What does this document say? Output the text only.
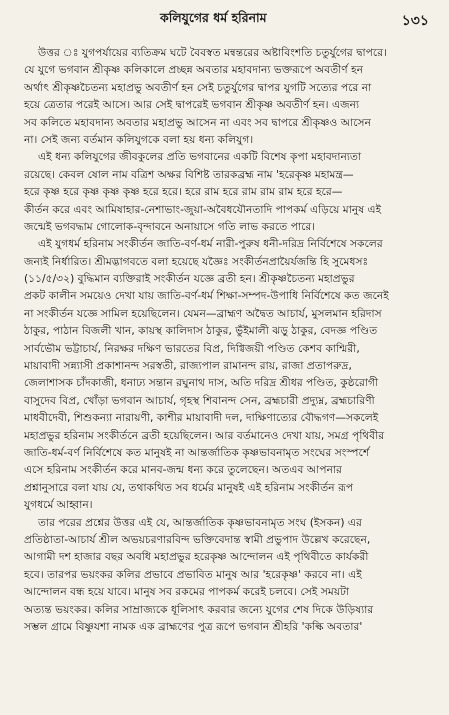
কলিযুগের ধর্ম হরিনাম	১৩১
উত্তর ঃ যুগপর্যায়ের ব্যতিক্রম ঘটে বৈবস্বত মন্বন্তরের অষ্টাবিংশতি চতুর্যুগের দ্বাপরে।
যে যুগে ভগবান শ্রীকৃষ্ণ কলিকালে প্রচ্ছন্ন অবতার মহাবদান্য ভক্তরূপে অবতীর্ণ হন
অর্থাৎ শ্রীকৃষ্ণচৈতন্য মহাপ্রভু অবতীর্ণ হন সেই চতুর্যুগের দ্বাপর যুগটি সত্যের পরে না
হয়ে ত্রেতার পরেই আসে। আর সেই দ্বাপরেই ভগবান শ্রীকৃষ্ণ অবতীর্ণ হন। এজন্য
সব কলিতে মহাবদান্য অবতার মহাপ্রভু আসেন না এবং সব দ্বাপরে শ্রীকৃষ্ণও আসেন
না। সেই জন্য বর্তমান কলিযুগকে বলা হয় ধন্য কলিযুগ।
এই ধন্য কলিযুগের জীবকুলের প্রতি ভগবানের একটি বিশেষ কৃপা মহাবদান্যতা
রয়েছে। কেবল ষোল নাম বত্রিশ অক্ষর বিশিষ্ট তারকব্রহ্ম নাম 'হরেকৃষ্ণ মহামন্ত্র—
হরে কৃষ্ণ হরে কৃষ্ণ কৃষ্ণ কৃষ্ণ হরে হরে। হরে রাম হরে রাম রাম রাম হরে হরে—
কীর্তন করে এবং আমিষাহার-নেশাভাং-জুয়া-অবৈধযৌনতাদি পাপকর্ম এড়িয়ে মানুষ এই
জন্মেই ভগবদ্ধাম গোলোক-বৃন্দাবনে অনায়াসে গতি লাভ করতে পারে।
এই যুগধর্ম হরিনাম সংকীর্তন জাতি-বর্ণ-ধর্ম নারী-পুরুষ ধনী-দরিদ্র নির্বিশেষে সকলের
জন্যই নির্ধারিত। শ্রীমদ্ভাগবতে বলা হয়েছে যজ্ঞৈঃ সংকীর্তনপ্রায়ৈর্যজন্তি হি সুমেধসঃ
(১১/৫/৩২) বুদ্ধিমান ব্যক্তিরাই সংকীর্তন যজ্ঞে ব্রতী হন। শ্রীকৃষ্ণচৈতন্য মহাপ্রভুর
প্রকট কালীন সময়েও দেখা যায় জাতি-বর্ণ-ধর্ম শিক্ষা-সম্পদ-উপাধি নির্বিশেষে কত জনেই
না সংকীর্তন যজ্ঞে সামিল হয়েছিলেন। যেমন—ব্রাহ্মণ অদ্বৈত আচার্য, মুসলমান হরিদাস
ঠাকুর, পাঠান বিজলী খান, কায়স্থ কালিদাস ঠাকুর, ভুঁইমালী ঝড়ু ঠাকুর, বেদজ্ঞ পণ্ডিত
সার্বভৌম ভট্টাচার্য, নিরক্ষর দক্ষিণ ভারতের বিপ্র, দিগ্বিজয়ী পণ্ডিত কেশব কাশ্মিরী,
মায়াবাদী সন্ন্যাসী প্রকাশানন্দ সরস্বতী, রাজ্যপাল রামানন্দ রায়, রাজা প্রতাপরুদ্র,
জেলাশাসক চাঁদকাজী, ধনাঢ্য সন্তান রঘুনাথ দাস, অতি দরিদ্র শ্রীধর পণ্ডিত, কুষ্ঠরোগী
বাসুদেব বিপ্র, খোঁড়া ভগবান আচার্য, গৃহস্থ শিবানন্দ সেন, ব্রহ্মচারী প্রদ্যুম্ন, ব্রহ্মচারিণী
মাধবীদেবী, শিশুকন্যা নারায়ণী, কাশীর মায়াবাদী দল, দাক্ষিণাত্যের বৌদ্ধগণ—সকলেই
মহাপ্রভুর হরিনাম সংকীর্তনে ব্রতী হয়েছিলেন। আর বর্তমানেও দেখা যায়, সমগ্র পৃথিবীর
জাতি-ধর্ম-বর্ণ নির্বিশেষে কত মানুষই না আন্তর্জাতিক কৃষ্ণভাবনামৃত সংঘের সংস্পর্শে
এসে হরিনাম সংকীর্তন করে মানব-জন্ম ধন্য করে তুলেছেন। অতএব আপনার
প্রশ্নানুসারে বলা যায় যে, তথাকথিত সব ধর্মের মানুষই এই হরিনাম সংকীর্তন রূপ
যুগধর্মে আহ্বান।
তার পরের প্রশ্নের উত্তর এই যে, আন্তর্জাতিক কৃষ্ণভাবনামৃত সংঘ (ইসকন) এর
প্রতিষ্ঠাতা-আচার্য শ্রীল অভয়চরণারবিন্দ ভক্তিবেদান্ত স্বামী প্রভুপাদ উল্লেখ করেছেন,
আগামী দশ হাজার বছর অবধি মহাপ্রভুর হরেকৃষ্ণ আন্দোলন এই পৃথিবীতে কার্যকরী
হবে। তারপর ভয়ংকর কলির প্রভাবে প্রভাবিত মানুষ আর 'হরেকৃষ্ণ' করবে না। এই
আন্দোলন বন্ধ হয়ে যাবে। মানুষ সব রকমের পাপকর্ম করেই চলবে। সেই সময়টা
অত্যন্ত ভয়ংকর। কলির সাম্রাজ্যকে ধূলিসাৎ করবার জন্যে যুগের শেষ দিকে উড়িষ্যার
সম্ভল গ্রামে বিষ্ণুযশা নামক এক ব্রাহ্মণের পুত্র রূপে ভগবান শ্রীহরি 'কল্কি অবতার'
